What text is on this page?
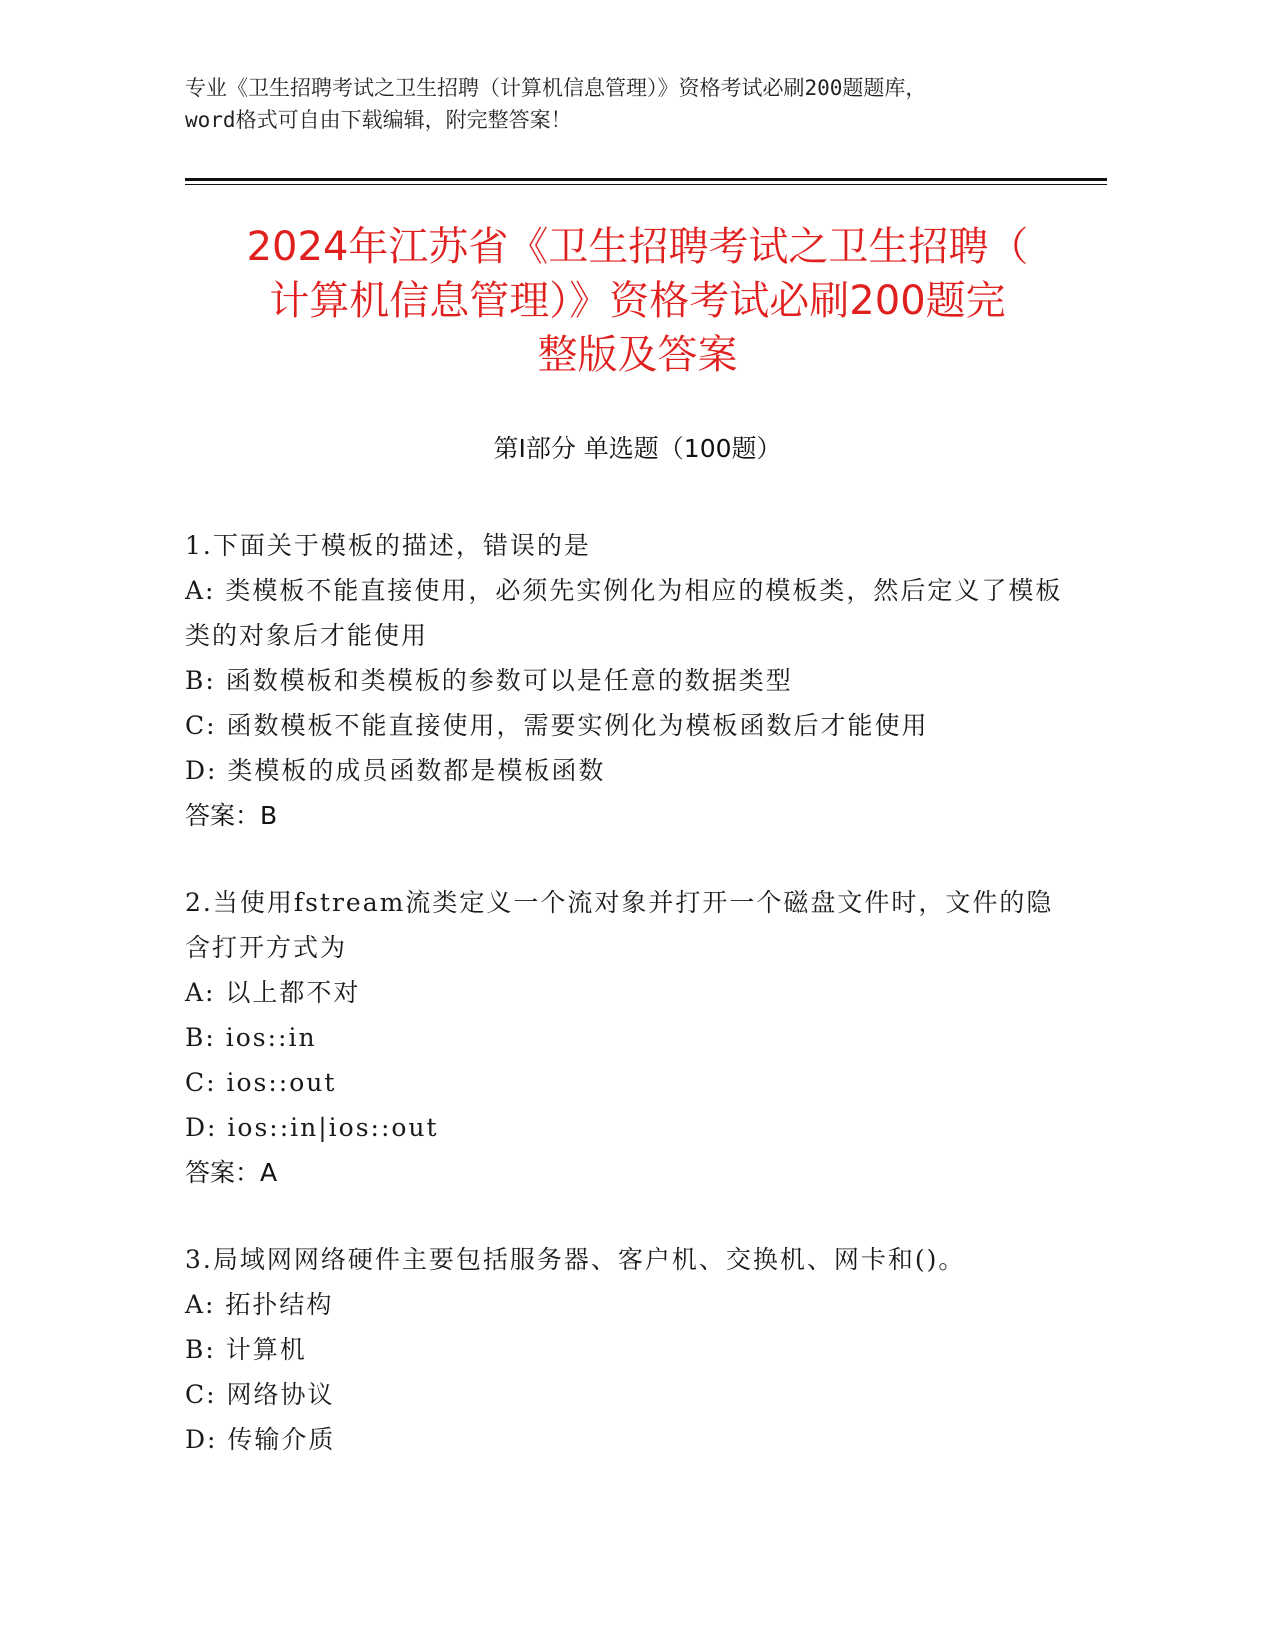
专业《卫生招聘考试之卫生招聘（计算机信息管理）》资格考试必刷200题题库，
word格式可自由下载编辑，附完整答案！
2024年江苏省《卫生招聘考试之卫生招聘（
计算机信息管理）》资格考试必刷200题完
整版及答案
第Ⅰ部分 单选题（100题）
1.下面关于模板的描述，错误的是
A: 类模板不能直接使用，必须先实例化为相应的模板类，然后定义了模板类的对象后才能使用
B: 函数模板和类模板的参数可以是任意的数据类型
C: 函数模板不能直接使用，需要实例化为模板函数后才能使用
D: 类模板的成员函数都是模板函数
答案：B
2.当使用fstream流类定义一个流对象并打开一个磁盘文件时，文件的隐含打开方式为
A: 以上都不对
B: ios::in
C: ios::out
D: ios::in|ios::out
答案：A
3.局域网网络硬件主要包括服务器、客户机、交换机、网卡和()。
A: 拓扑结构
B: 计算机
C: 网络协议
D: 传输介质
